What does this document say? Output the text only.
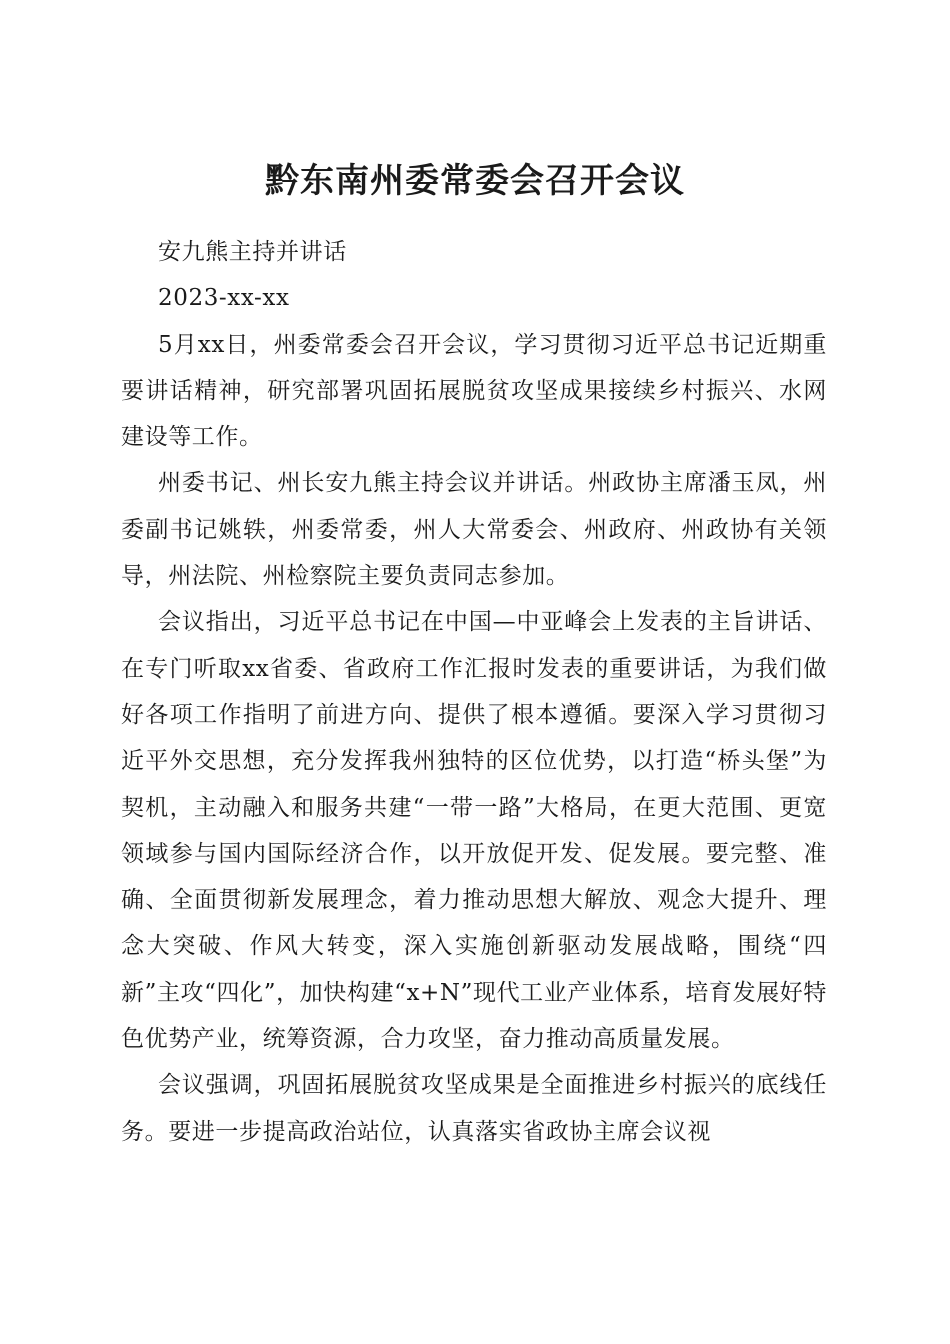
黔东南州委常委会召开会议

安九熊主持并讲话

2023-xx-xx

5月xx日，州委常委会召开会议，学习贯彻习近平总书记近期重要讲话精神，研究部署巩固拓展脱贫攻坚成果接续乡村振兴、水网建设等工作。

州委书记、州长安九熊主持会议并讲话。州政协主席潘玉凤，州委副书记姚轶，州委常委，州人大常委会、州政府、州政协有关领导，州法院、州检察院主要负责同志参加。

会议指出，习近平总书记在中国—中亚峰会上发表的主旨讲话、在专门听取xx省委、省政府工作汇报时发表的重要讲话，为我们做好各项工作指明了前进方向、提供了根本遵循。要深入学习贯彻习近平外交思想，充分发挥我州独特的区位优势，以打造“桥头堡”为契机，主动融入和服务共建“一带一路”大格局，在更大范围、更宽领域参与国内国际经济合作，以开放促开发、促发展。要完整、准确、全面贯彻新发展理念，着力推动思想大解放、观念大提升、理念大突破、作风大转变，深入实施创新驱动发展战略，围绕“四新”主攻“四化”，加快构建“x+N”现代工业产业体系，培育发展好特色优势产业，统筹资源，合力攻坚，奋力推动高质量发展。

会议强调，巩固拓展脱贫攻坚成果是全面推进乡村振兴的底线任务。要进一步提高政治站位，认真落实省政协主席会议视
